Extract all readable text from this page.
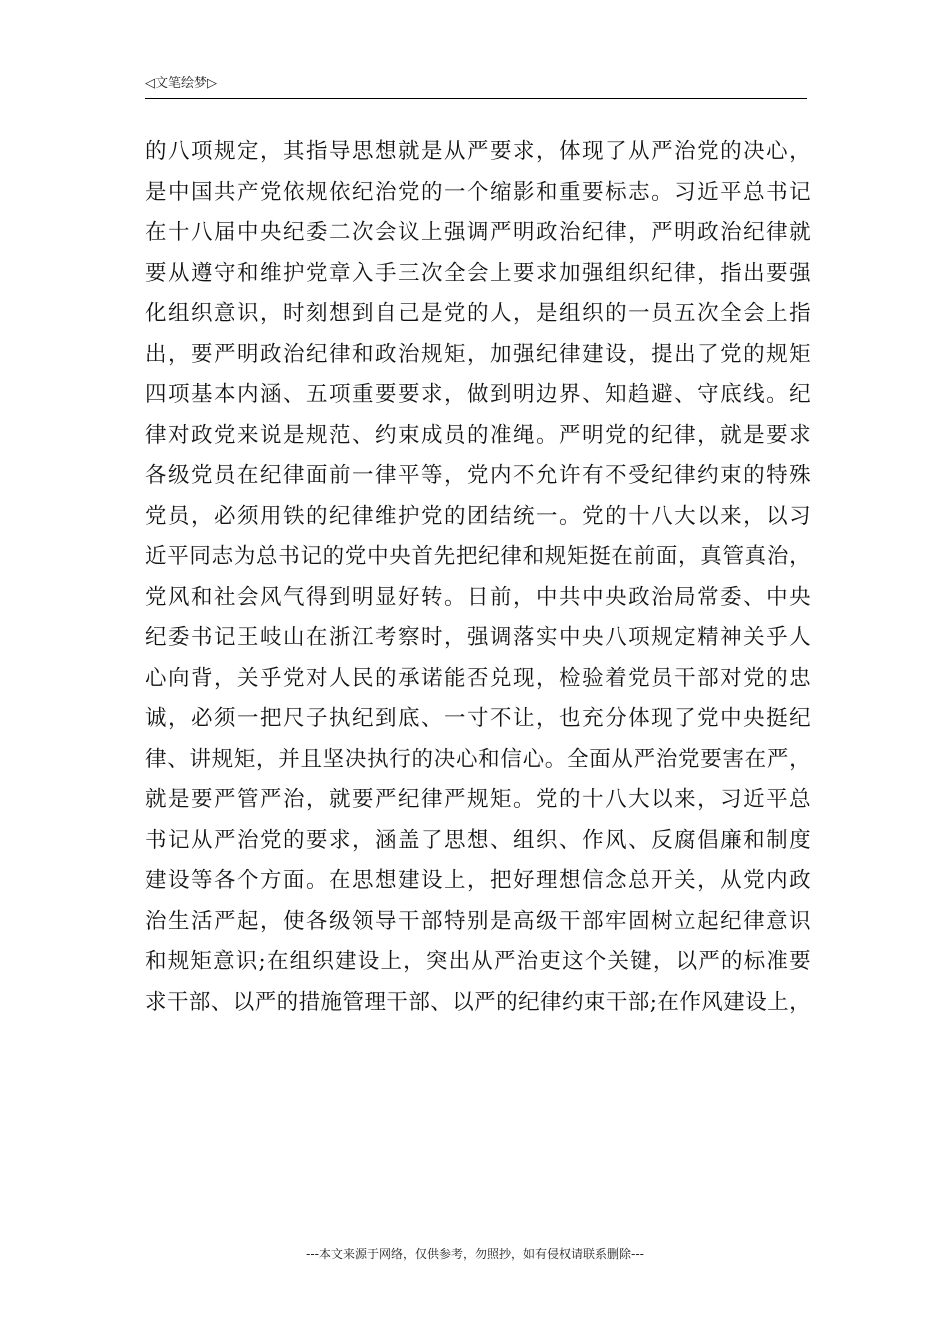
◁文笔绘梦▷
的八项规定，其指导思想就是从严要求，体现了从严治党的决心，
是中国共产党依规依纪治党的一个缩影和重要标志。习近平总书记
在十八届中央纪委二次会议上强调严明政治纪律，严明政治纪律就
要从遵守和维护党章入手三次全会上要求加强组织纪律，指出要强
化组织意识，时刻想到自己是党的人，是组织的一员五次全会上指
出，要严明政治纪律和政治规矩，加强纪律建设，提出了党的规矩
四项基本内涵、五项重要要求，做到明边界、知趋避、守底线。纪
律对政党来说是规范、约束成员的准绳。严明党的纪律，就是要求
各级党员在纪律面前一律平等，党内不允许有不受纪律约束的特殊
党员，必须用铁的纪律维护党的团结统一。党的十八大以来，以习
近平同志为总书记的党中央首先把纪律和规矩挺在前面，真管真治，
党风和社会风气得到明显好转。日前，中共中央政治局常委、中央
纪委书记王岐山在浙江考察时，强调落实中央八项规定精神关乎人
心向背，关乎党对人民的承诺能否兑现，检验着党员干部对党的忠
诚，必须一把尺子执纪到底、一寸不让，也充分体现了党中央挺纪
律、讲规矩，并且坚决执行的决心和信心。全面从严治党要害在严，
就是要严管严治，就要严纪律严规矩。党的十八大以来，习近平总
书记从严治党的要求，涵盖了思想、组织、作风、反腐倡廉和制度
建设等各个方面。在思想建设上，把好理想信念总开关，从党内政
治生活严起，使各级领导干部特别是高级干部牢固树立起纪律意识
和规矩意识;在组织建设上，突出从严治吏这个关键，以严的标准要
求干部、以严的措施管理干部、以严的纪律约束干部;在作风建设上，
---本文来源于网络，仅供参考，勿照抄，如有侵权请联系删除---
